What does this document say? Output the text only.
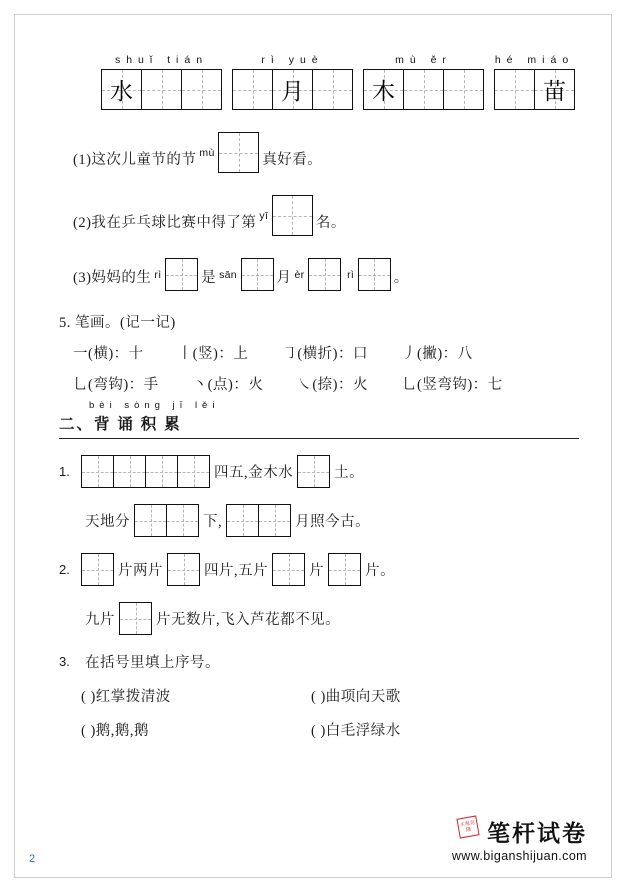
shuǐ tián
水
rì yuè
月
mù ěr
木
hé miáo
苗
(1) 这次儿童节的节 mù	真好看。
(2) 我在乒乓球比赛中得了第 yī	名。
(3) 妈妈的生 rì	是 sān	月 èr	rì	。
5. 笔画。(记一记)
一(横)：十 丨(竖)：上 ㇆(横折)：口 丿(撇)：八
乚(弯钩)：手 丶(点)：火 ㇏(捺)：火 乚(竖弯钩)：七
bèi sòng jī lěi
二、背 诵 积 累
1.	四五,金木水	土。
天地分	下,	月照今古。
2.	片两片	四片,五片	片	片。
九片	片无数片,飞入芦花都不见。
3.	在括号里填上序号。
( )红掌拨清波	( )曲项向天歌
( )鹅,鹅,鹅	( )白毛浮绿水
2
主观克隆 笔杆试卷
www.biganshijuan.com
